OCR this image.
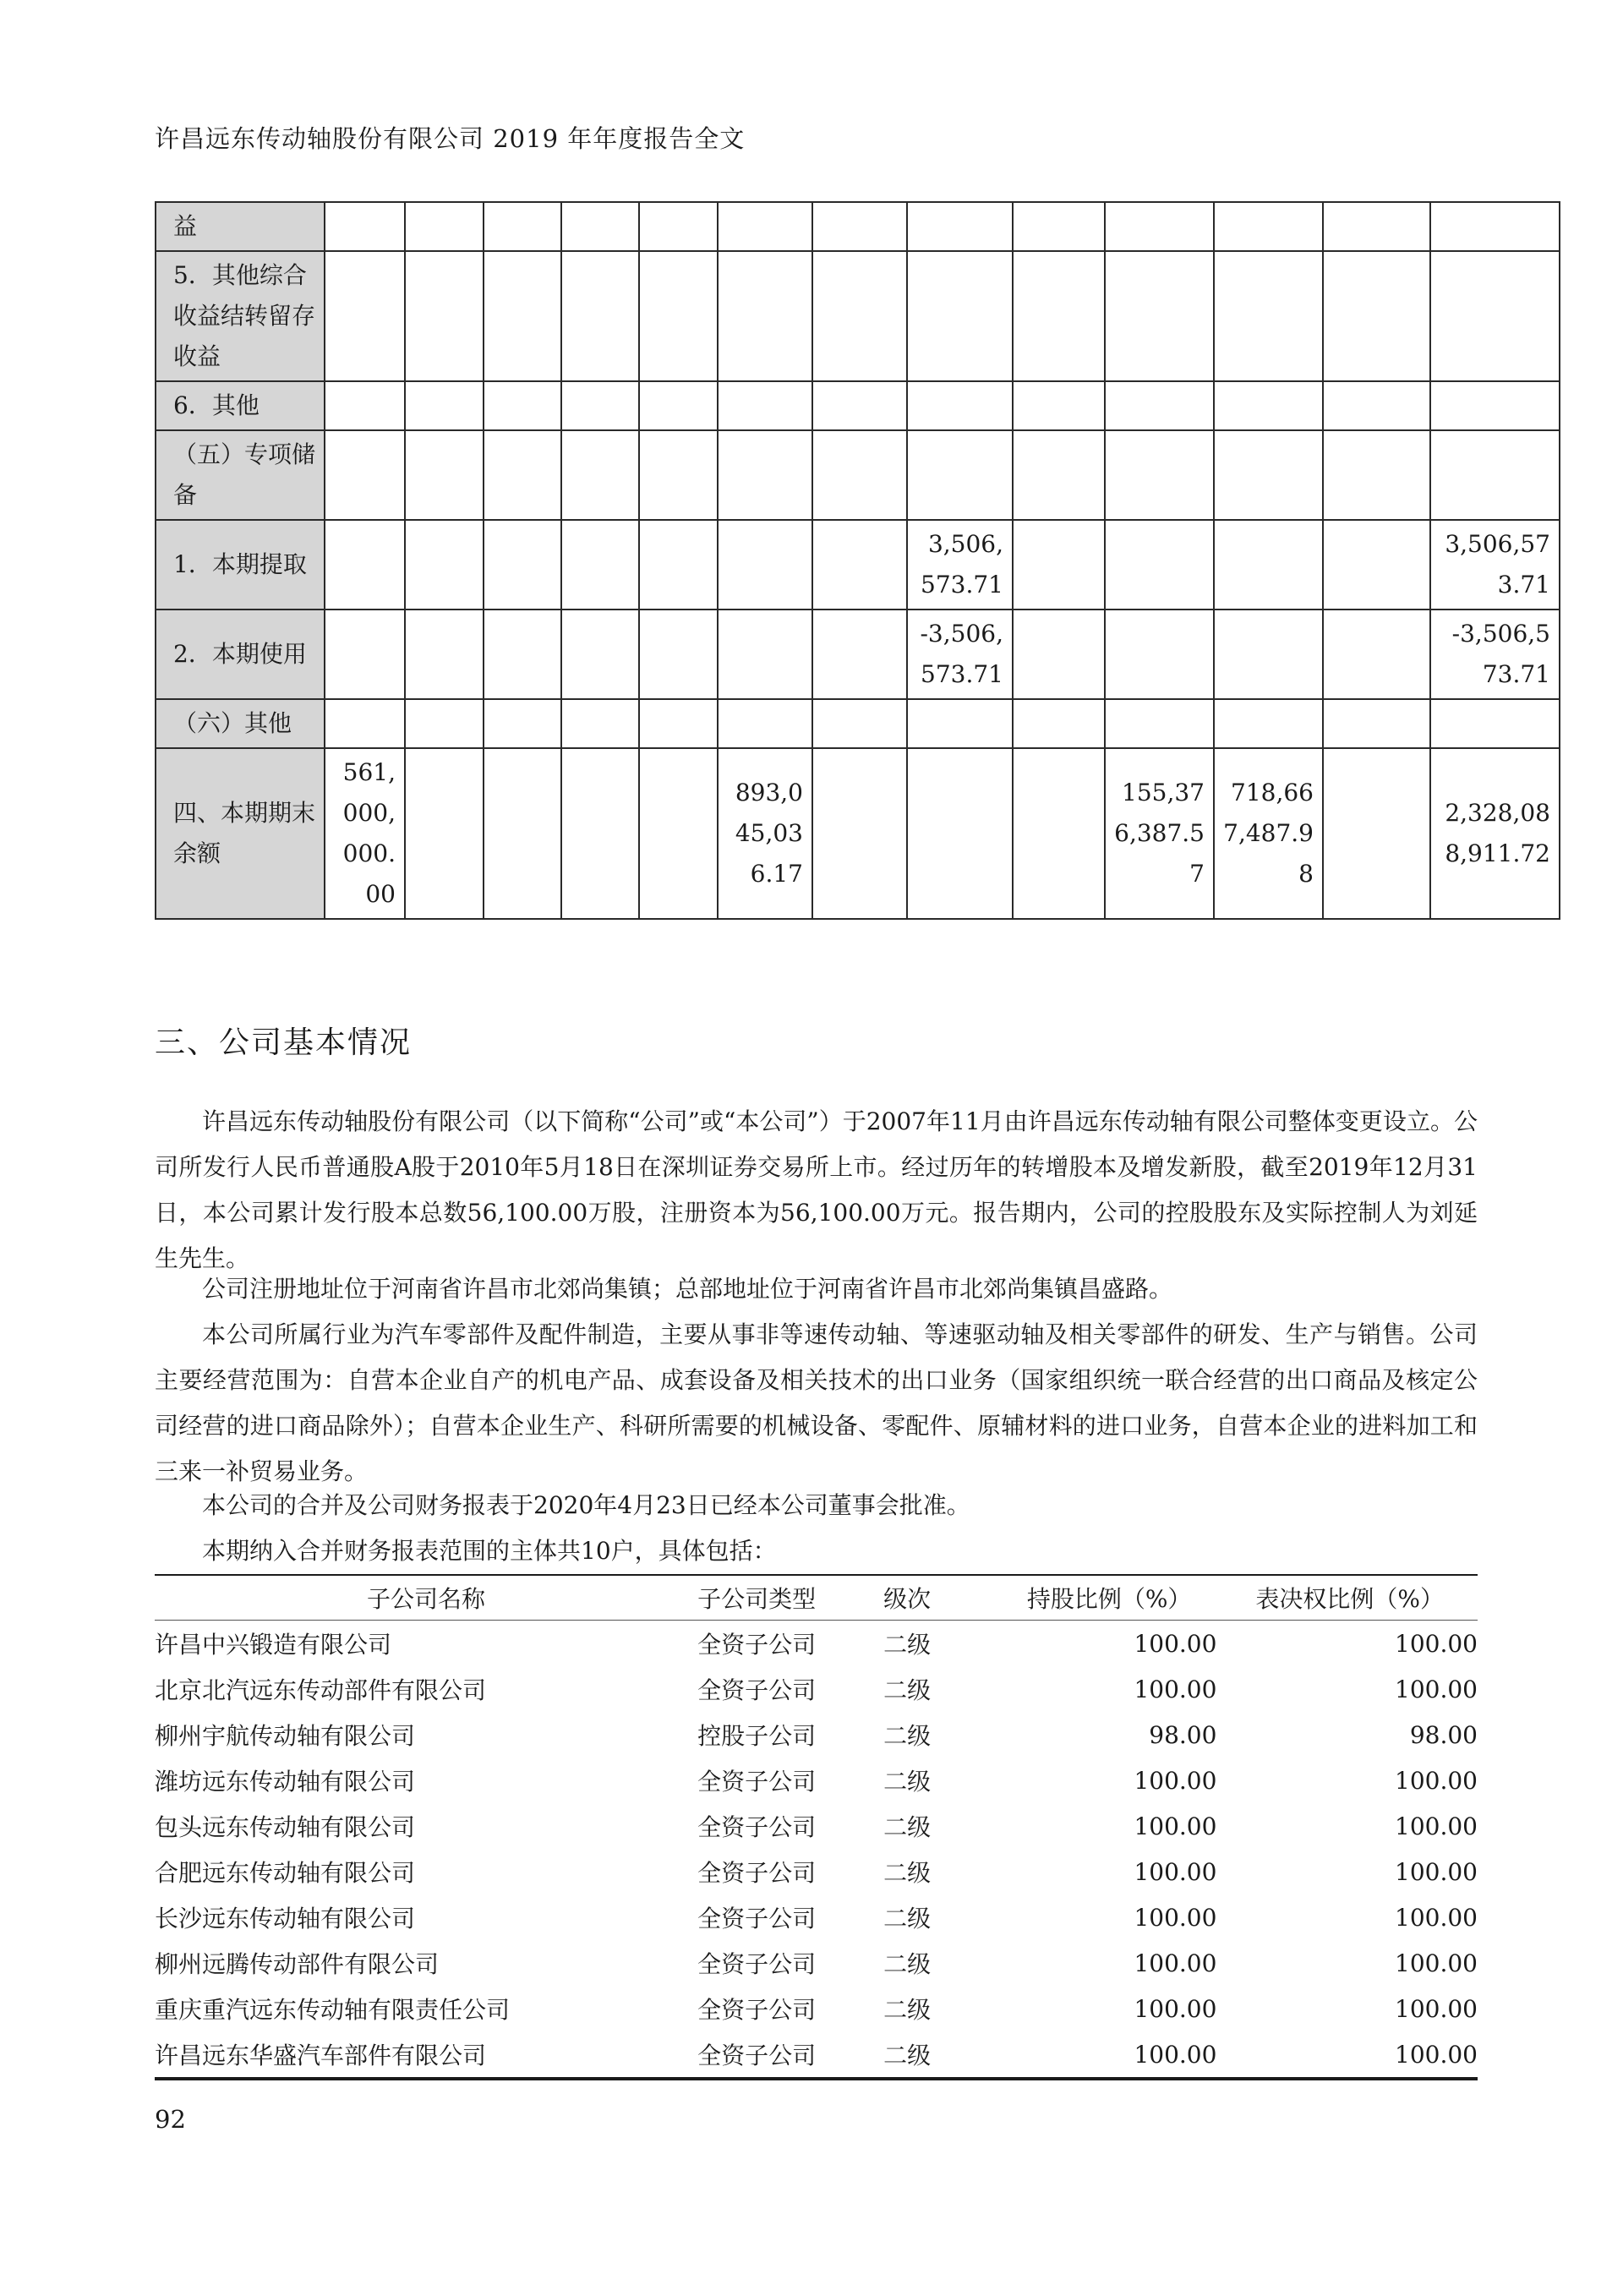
许昌远东传动轴股份有限公司 2019 年年度报告全文
益													
5．其他综合收益结转留存收益													
6．其他													
（五）专项储备													
1．本期提取								3,506,573.71					3,506,573.71
2．本期使用								-3,506,573.71					-3,506,573.71
（六）其他													
四、本期期末余额	561,000,000.00					893,045,036.17				155,376,387.57	718,667,487.98		2,328,088,911.72
三、公司基本情况
许昌远东传动轴股份有限公司（以下简称“公司”或“本公司”）于2007年11月由许昌远东传动轴有限公司整体变更设立。公司所发行人民币普通股A股于2010年5月18日在深圳证券交易所上市。经过历年的转增股本及增发新股，截至2019年12月31日，本公司累计发行股本总数56,100.00万股，注册资本为56,100.00万元。报告期内，公司的控股股东及实际控制人为刘延生先生。
公司注册地址位于河南省许昌市北郊尚集镇；总部地址位于河南省许昌市北郊尚集镇昌盛路。
本公司所属行业为汽车零部件及配件制造，主要从事非等速传动轴、等速驱动轴及相关零部件的研发、生产与销售。公司主要经营范围为：自营本企业自产的机电产品、成套设备及相关技术的出口业务（国家组织统一联合经营的出口商品及核定公司经营的进口商品除外）；自营本企业生产、科研所需要的机械设备、零配件、原辅材料的进口业务，自营本企业的进料加工和三来一补贸易业务。
本公司的合并及公司财务报表于2020年4月23日已经本公司董事会批准。
本期纳入合并财务报表范围的主体共10户，具体包括：
子公司名称	子公司类型	级次	持股比例（%）	表决权比例（%）
许昌中兴锻造有限公司	全资子公司	二级	100.00	100.00
北京北汽远东传动部件有限公司	全资子公司	二级	100.00	100.00
柳州宇航传动轴有限公司	控股子公司	二级	98.00	98.00
潍坊远东传动轴有限公司	全资子公司	二级	100.00	100.00
包头远东传动轴有限公司	全资子公司	二级	100.00	100.00
合肥远东传动轴有限公司	全资子公司	二级	100.00	100.00
长沙远东传动轴有限公司	全资子公司	二级	100.00	100.00
柳州远腾传动部件有限公司	全资子公司	二级	100.00	100.00
重庆重汽远东传动轴有限责任公司	全资子公司	二级	100.00	100.00
许昌远东华盛汽车部件有限公司	全资子公司	二级	100.00	100.00
92
